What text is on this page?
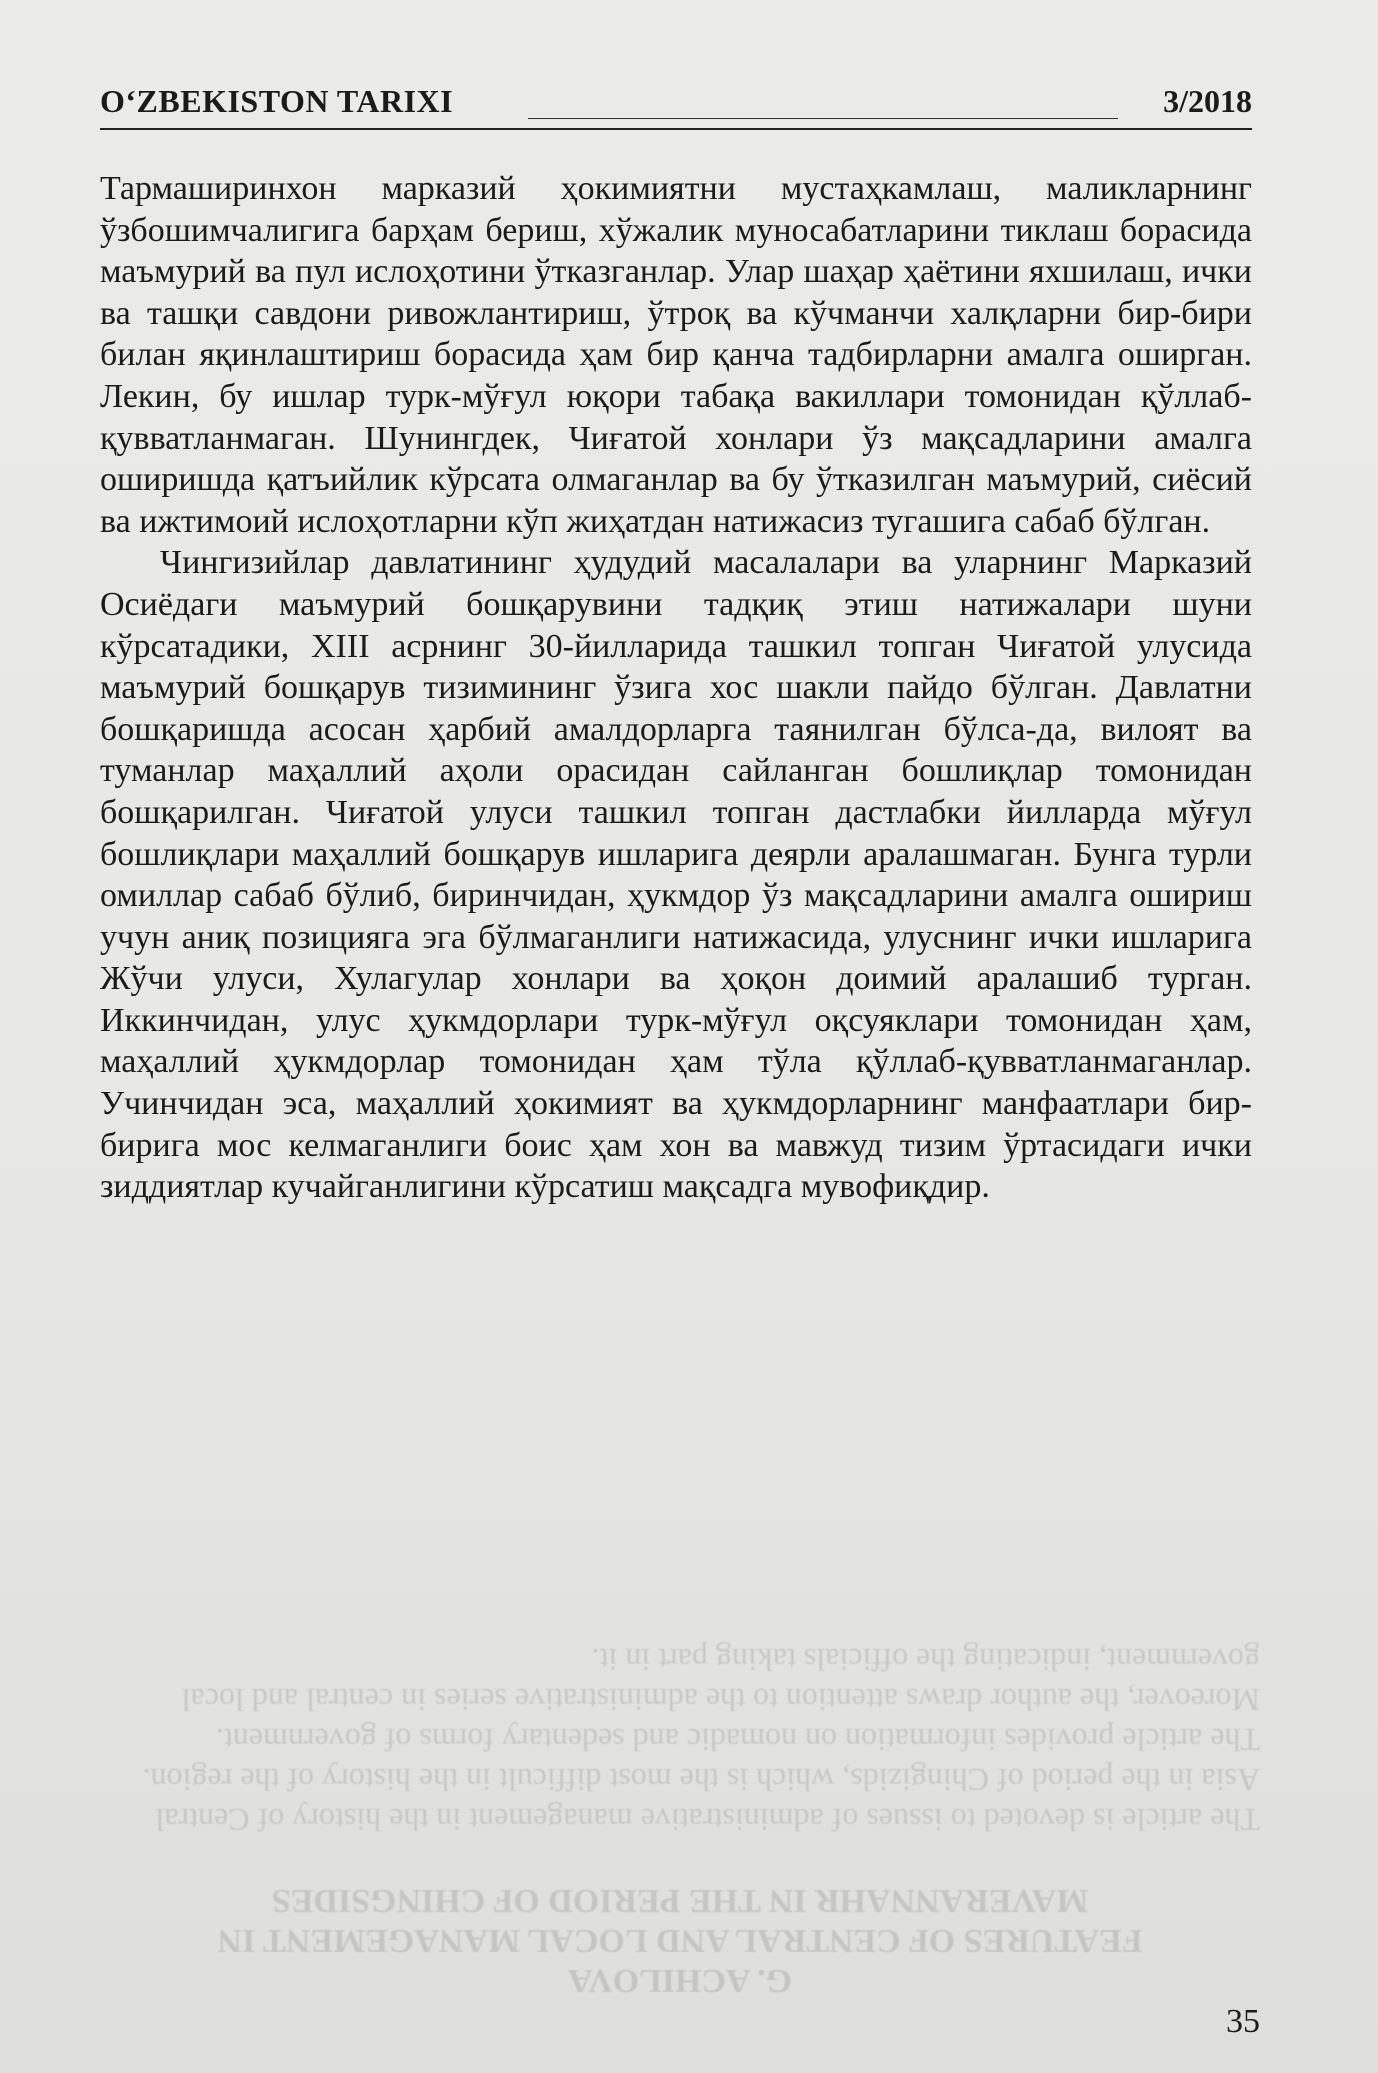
O‘ZBEKISTON TARIXI	3/2018

Тармаширинхон марказий ҳокимиятни мустаҳкамлаш, маликларнинг ўзбошимчалигига барҳам бериш, хўжалик муносабатларини тиклаш борасида маъмурий ва пул ислоҳотини ўтказганлар. Улар шаҳар ҳаётини яхшилаш, ички ва ташқи савдони ривожлантириш, ўтроқ ва кўчманчи халқларни бир-бири билан яқинлаштириш борасида ҳам бир қанча тадбирларни амалга оширган. Лекин, бу ишлар турк-мўғул юқори табақа вакиллари томонидан қўллаб-қувватланмаган. Шунингдек, Чиғатой хонлари ўз мақсадларини амалга оширишда қатъийлик кўрсата олмаганлар ва бу ўтказилган маъмурий, сиёсий ва ижтимоий ислоҳотларни кўп жиҳатдан натижасиз тугашига сабаб бўлган.

Чингизийлар давлатининг ҳудудий масалалари ва уларнинг Марказий Осиёдаги маъмурий бошқарувини тадқиқ этиш натижалари шуни кўрсатадики, XIII асрнинг 30-йилларида ташкил топган Чиғатой улусида маъмурий бошқарув тизимининг ўзига хос шакли пайдо бўлган. Давлатни бошқаришда асосан ҳарбий амалдорларга таянилган бўлса-да, вилоят ва туманлар маҳаллий аҳоли орасидан сайланган бошлиқлар томонидан бошқарилган. Чиғатой улуси ташкил топган дастлабки йилларда мўғул бошлиқлари маҳаллий бошқарув ишларига деярли аралашмаган. Бунга турли омиллар сабаб бўлиб, биринчидан, ҳукмдор ўз мақсадларини амалга ошириш учун аниқ позицияга эга бўлмаганлиги натижасида, улуснинг ички ишларига Жўчи улуси, Хулагулар хонлари ва ҳоқон доимий аралашиб турган. Иккинчидан, улус ҳукмдорлари турк-мўғул оқсуяклари томонидан ҳам, маҳаллий ҳукмдорлар томонидан ҳам тўла қўллаб-қувватланмаганлар. Учинчидан эса, маҳаллий ҳокимият ва ҳукмдорларнинг манфаатлари бир-бирига мос келмаганлиги боис ҳам хон ва мавжуд тизим ўртасидаги ички зиддиятлар кучайганлигини кўрсатиш мақсадга мувофиқдир.

G. ACHILOVA
FEATURES OF CENTRAL AND LOCAL MANAGEMENT IN MAVERANNAHR IN THE PERIOD OF CHINGSIDES
The article is devoted to issues of administrative management in the history of Central Asia in the period of Chingizids, which is the most difficult in the history of the region. The article provides information on nomadic and sedentary forms of government. Moreover, the author draws attention to the administrative series in central and local government, indicating the officials taking part in it.
35
